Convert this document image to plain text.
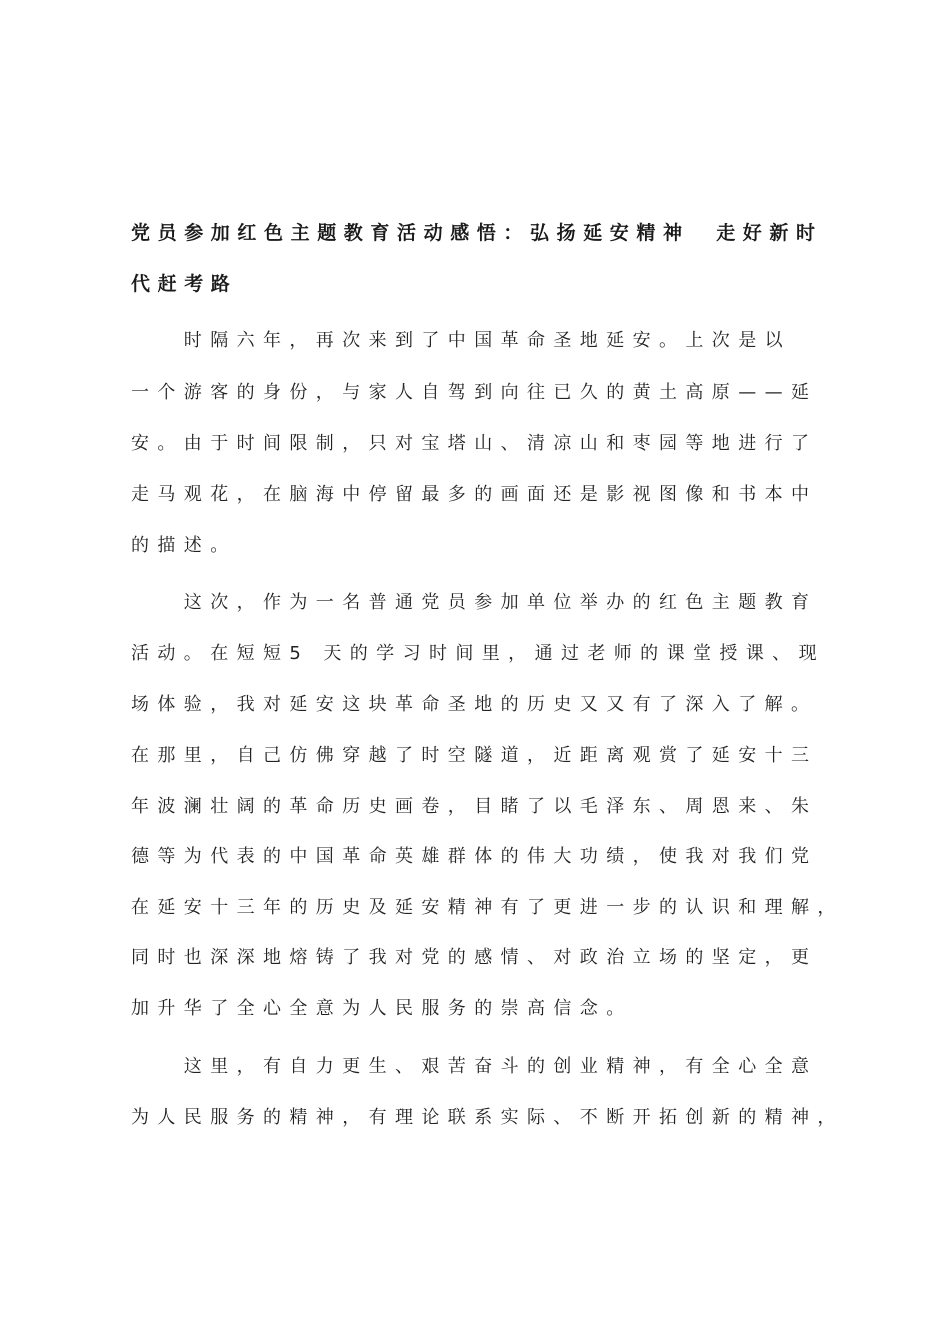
党员参加红色主题教育活动感悟：弘扬延安精神　走好新时
代赶考路
　　时隔六年，再次来到了中国革命圣地延安。上次是以
一个游客的身份，与家人自驾到向往已久的黄土高原——延
安。由于时间限制，只对宝塔山、清凉山和枣园等地进行了
走马观花，在脑海中停留最多的画面还是影视图像和书本中
的描述。
　　这次，作为一名普通党员参加单位举办的红色主题教育
活动。在短短5 天的学习时间里，通过老师的课堂授课、现
场体验，我对延安这块革命圣地的历史又又有了深入了解。
在那里，自己仿佛穿越了时空隧道，近距离观赏了延安十三
年波澜壮阔的革命历史画卷，目睹了以毛泽东、周恩来、朱
德等为代表的中国革命英雄群体的伟大功绩，使我对我们党
在延安十三年的历史及延安精神有了更进一步的认识和理解，
同时也深深地熔铸了我对党的感情、对政治立场的坚定，更
加升华了全心全意为人民服务的崇高信念。
　　这里，有自力更生、艰苦奋斗的创业精神，有全心全意
为人民服务的精神，有理论联系实际、不断开拓创新的精神，
